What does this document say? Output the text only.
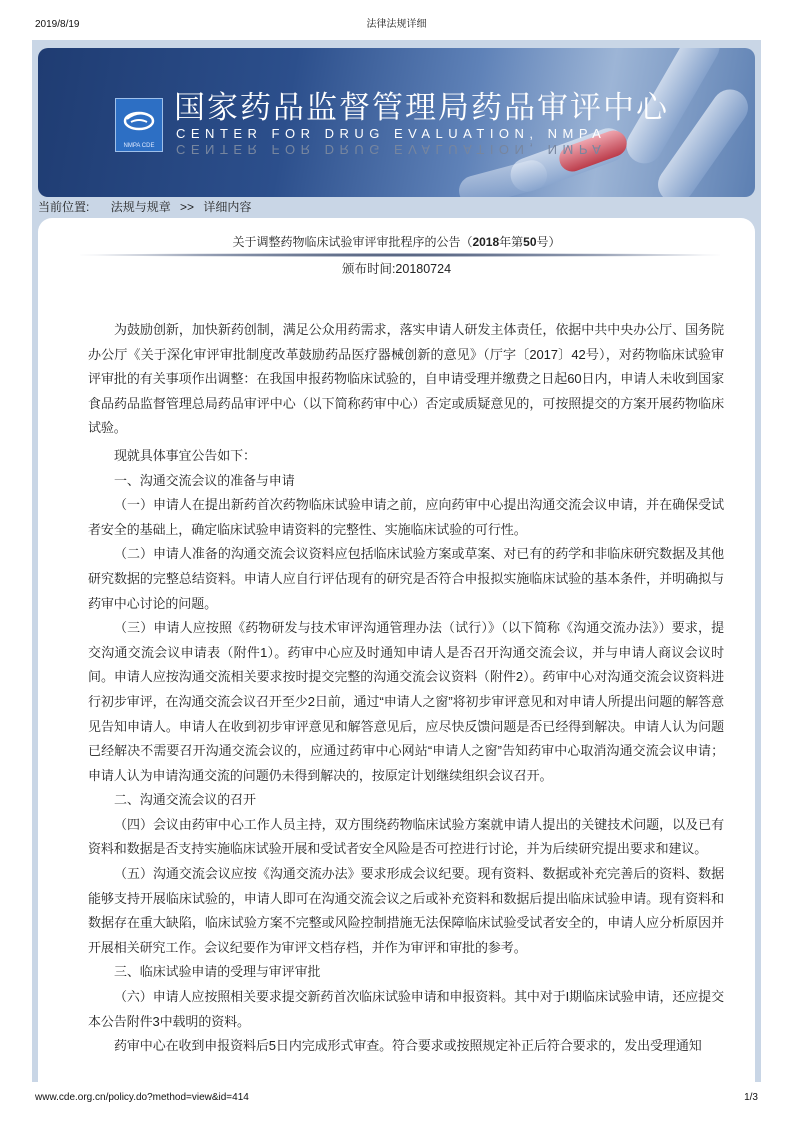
2019/8/19	法律法规详细
NMPA CDE
国家药品监督管理局药品审评中心
CENTER FOR DRUG EVALUATION, NMPA
CENTER FOR DRUG EVALUATION, NMPA
当前位置: 法规与规章 >> 详细内容
关于调整药物临床试验审评审批程序的公告（2018年第50号）
颁布时间:20180724

为鼓励创新，加快新药创制，满足公众用药需求，落实申请人研发主体责任，依据中共中央办公厅、国务院办公厅《关于深化审评审批制度改革鼓励药品医疗器械创新的意见》（厅字〔2017〕42号），对药物临床试验审评审批的有关事项作出调整：在我国申报药物临床试验的，自申请受理并缴费之日起60日内，申请人未收到国家食品药品监督管理总局药品审评中心（以下简称药审中心）否定或质疑意见的，可按照提交的方案开展药物临床试验。

现就具体事宜公告如下：

一、沟通交流会议的准备与申请

（一）申请人在提出新药首次药物临床试验申请之前，应向药审中心提出沟通交流会议申请，并在确保受试者安全的基础上，确定临床试验申请资料的完整性、实施临床试验的可行性。

（二）申请人准备的沟通交流会议资料应包括临床试验方案或草案、对已有的药学和非临床研究数据及其他研究数据的完整总结资料。申请人应自行评估现有的研究是否符合申报拟实施临床试验的基本条件，并明确拟与药审中心讨论的问题。

（三）申请人应按照《药物研发与技术审评沟通管理办法（试行）》（以下简称《沟通交流办法》）要求，提交沟通交流会议申请表（附件1）。药审中心应及时通知申请人是否召开沟通交流会议，并与申请人商议会议时间。申请人应按沟通交流相关要求按时提交完整的沟通交流会议资料（附件2）。药审中心对沟通交流会议资料进行初步审评，在沟通交流会议召开至少2日前，通过“申请人之窗”将初步审评意见和对申请人所提出问题的解答意见告知申请人。申请人在收到初步审评意见和解答意见后，应尽快反馈问题是否已经得到解决。申请人认为问题已经解决不需要召开沟通交流会议的，应通过药审中心网站“申请人之窗”告知药审中心取消沟通交流会议申请；申请人认为申请沟通交流的问题仍未得到解决的，按原定计划继续组织会议召开。

二、沟通交流会议的召开

（四）会议由药审中心工作人员主持，双方围绕药物临床试验方案就申请人提出的关键技术问题，以及已有资料和数据是否支持实施临床试验开展和受试者安全风险是否可控进行讨论，并为后续研究提出要求和建议。

（五）沟通交流会议应按《沟通交流办法》要求形成会议纪要。现有资料、数据或补充完善后的资料、数据能够支持开展临床试验的，申请人即可在沟通交流会议之后或补充资料和数据后提出临床试验申请。现有资料和数据存在重大缺陷，临床试验方案不完整或风险控制措施无法保障临床试验受试者安全的，申请人应分析原因并开展相关研究工作。会议纪要作为审评文档存档，并作为审评和审批的参考。

三、临床试验申请的受理与审评审批

（六）申请人应按照相关要求提交新药首次临床试验申请和申报资料。其中对于I期临床试验申请，还应提交本公告附件3中载明的资料。

药审中心在收到申报资料后5日内完成形式审查。符合要求或按照规定补正后符合要求的，发出受理通知

www.cde.org.cn/policy.do?method=view&id=414	1/3
